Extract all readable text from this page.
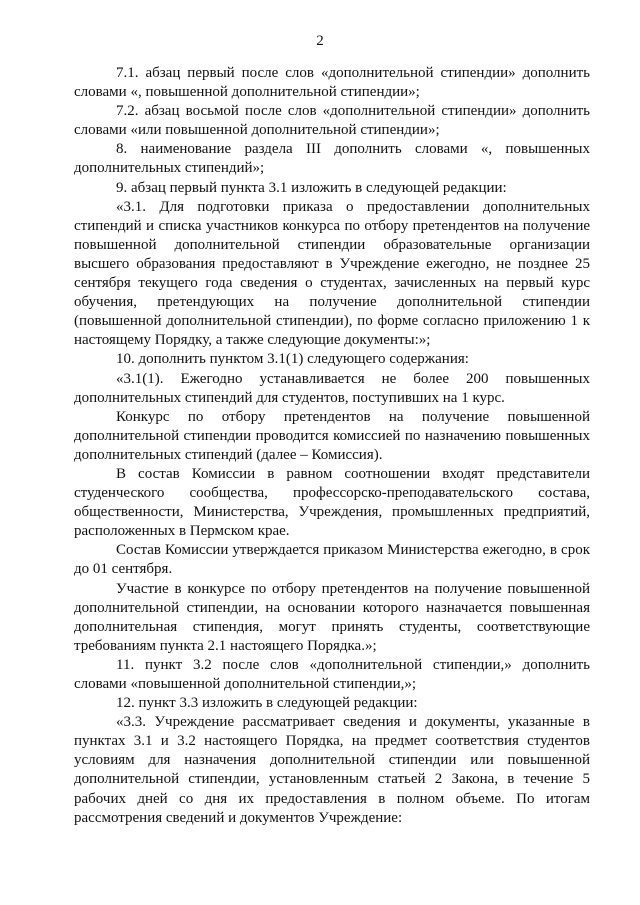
2

7.1. абзац первый после слов «дополнительной стипендии» дополнить словами «, повышенной дополнительной стипендии»;

7.2. абзац восьмой после слов «дополнительной стипендии» дополнить словами «или повышенной дополнительной стипендии»;

8. наименование раздела III дополнить словами «, повышенных дополнительных стипендий»;

9. абзац первый пункта 3.1 изложить в следующей редакции:

«3.1. Для подготовки приказа о предоставлении дополнительных стипендий и списка участников конкурса по отбору претендентов на получение повышенной дополнительной стипендии образовательные организации высшего образования предоставляют в Учреждение ежегодно, не позднее 25 сентября текущего года сведения о студентах, зачисленных на первый курс обучения, претендующих на получение дополнительной стипендии (повышенной дополнительной стипендии), по форме согласно приложению 1 к настоящему Порядку, а также следующие документы:»;

10. дополнить пунктом 3.1(1) следующего содержания:

«3.1(1). Ежегодно устанавливается не более 200 повышенных дополнительных стипендий для студентов, поступивших на 1 курс.

Конкурс по отбору претендентов на получение повышенной дополнительной стипендии проводится комиссией по назначению повышенных дополнительных стипендий (далее – Комиссия).

В состав Комиссии в равном соотношении входят представители студенческого сообщества, профессорско-преподавательского состава, общественности, Министерства, Учреждения, промышленных предприятий, расположенных в Пермском крае.

Состав Комиссии утверждается приказом Министерства ежегодно, в срок до 01 сентября.

Участие в конкурсе по отбору претендентов на получение повышенной дополнительной стипендии, на основании которого назначается повышенная дополнительная стипендия, могут принять студенты, соответствующие требованиям пункта 2.1 настоящего Порядка.»;

11. пункт 3.2 после слов «дополнительной стипендии,» дополнить словами «повышенной дополнительной стипендии,»;

12. пункт 3.3 изложить в следующей редакции:

«3.3. Учреждение рассматривает сведения и документы, указанные в пунктах 3.1 и 3.2 настоящего Порядка, на предмет соответствия студентов условиям для назначения дополнительной стипендии или повышенной дополнительной стипендии, установленным статьей 2 Закона, в течение 5 рабочих дней со дня их предоставления в полном объеме. По итогам рассмотрения сведений и документов Учреждение:
